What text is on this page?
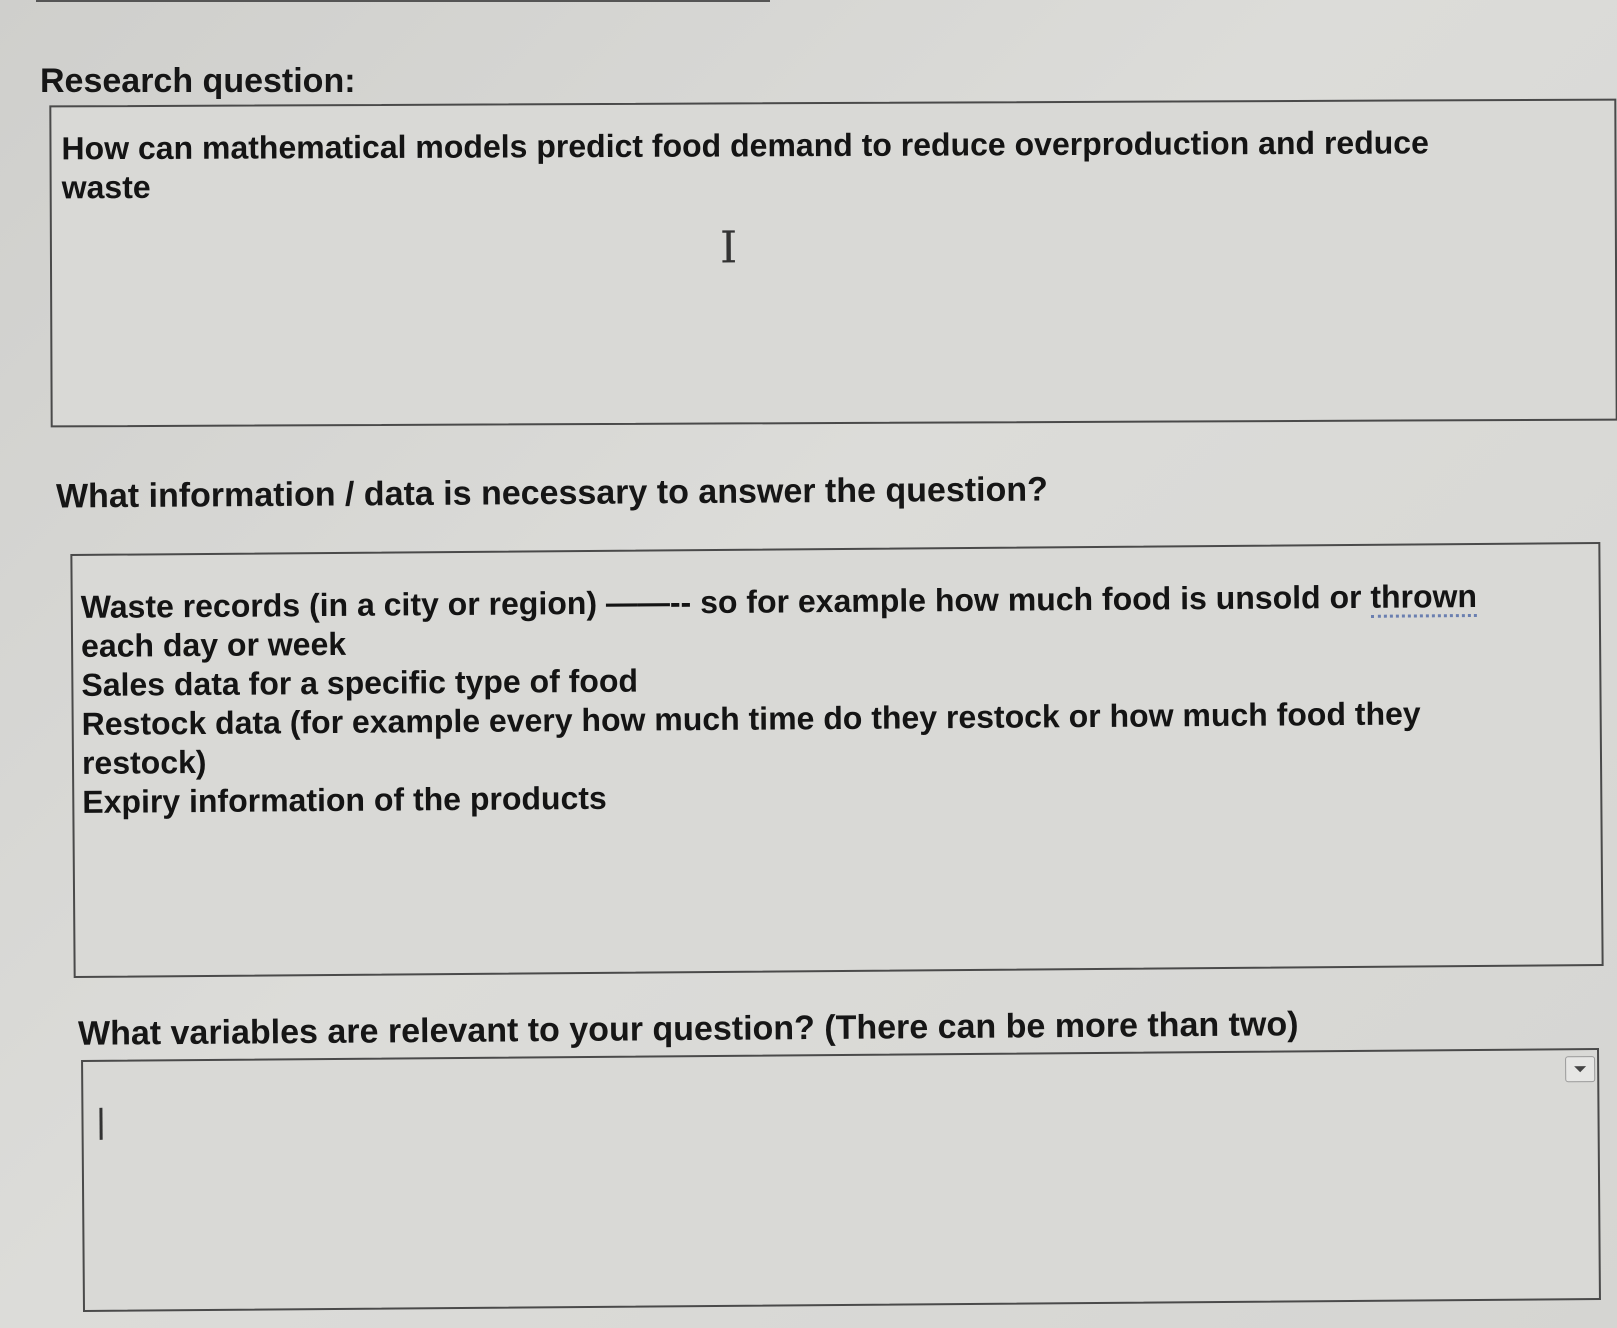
Research question:
How can mathematical models predict food demand to reduce overproduction and reduce
waste
I
What information / data is necessary to answer the question?
Waste records (in a city or region) ——-- so for example how much food is unsold or thrown
each day or week
Sales data for a specific type of food
Restock data (for example every how much time do they restock or how much food they
restock)
Expiry information of the products
What variables are relevant to your question? (There can be more than two)
